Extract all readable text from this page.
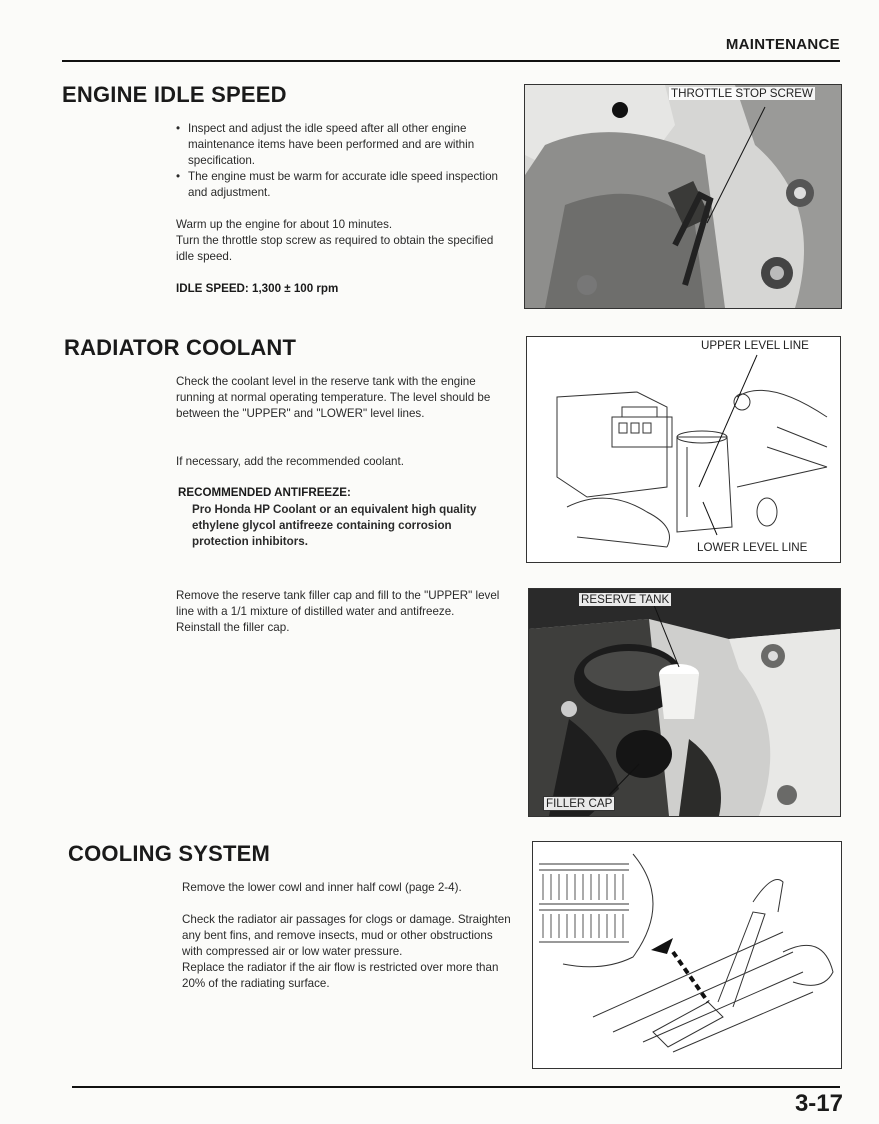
MAINTENANCE
ENGINE IDLE SPEED
• Inspect and adjust the idle speed after all other engine maintenance items have been performed and are within specification.
• The engine must be warm for accurate idle speed inspection and adjustment.

Warm up the engine for about 10 minutes.

Turn the throttle stop screw as required to obtain the specified idle speed.

IDLE SPEED: 1,300 ± 100 rpm
THROTTLE STOP SCREW
RADIATOR COOLANT
Check the coolant level in the reserve tank with the engine running at normal operating temperature. The level should be between the "UPPER" and "LOWER" level lines.
If necessary, add the recommended coolant.
RECOMMENDED ANTIFREEZE:
Pro Honda HP Coolant or an equivalent high quality ethylene glycol antifreeze containing corrosion protection inhibitors.
UPPER LEVEL LINE
LOWER LEVEL LINE

Remove the reserve tank filler cap and fill to the "UPPER" level line with a 1/1 mixture of distilled water and antifreeze.

Reinstall the filler cap.

RESERVE TANK
FILLER CAP
COOLING SYSTEM
Remove the lower cowl and inner half cowl (page 2-4).

Check the radiator air passages for clogs or damage. Straighten any bent fins, and remove insects, mud or other obstructions with compressed air or low water pressure.

Replace the radiator if the air flow is restricted over more than 20% of the radiating surface.

3-17
